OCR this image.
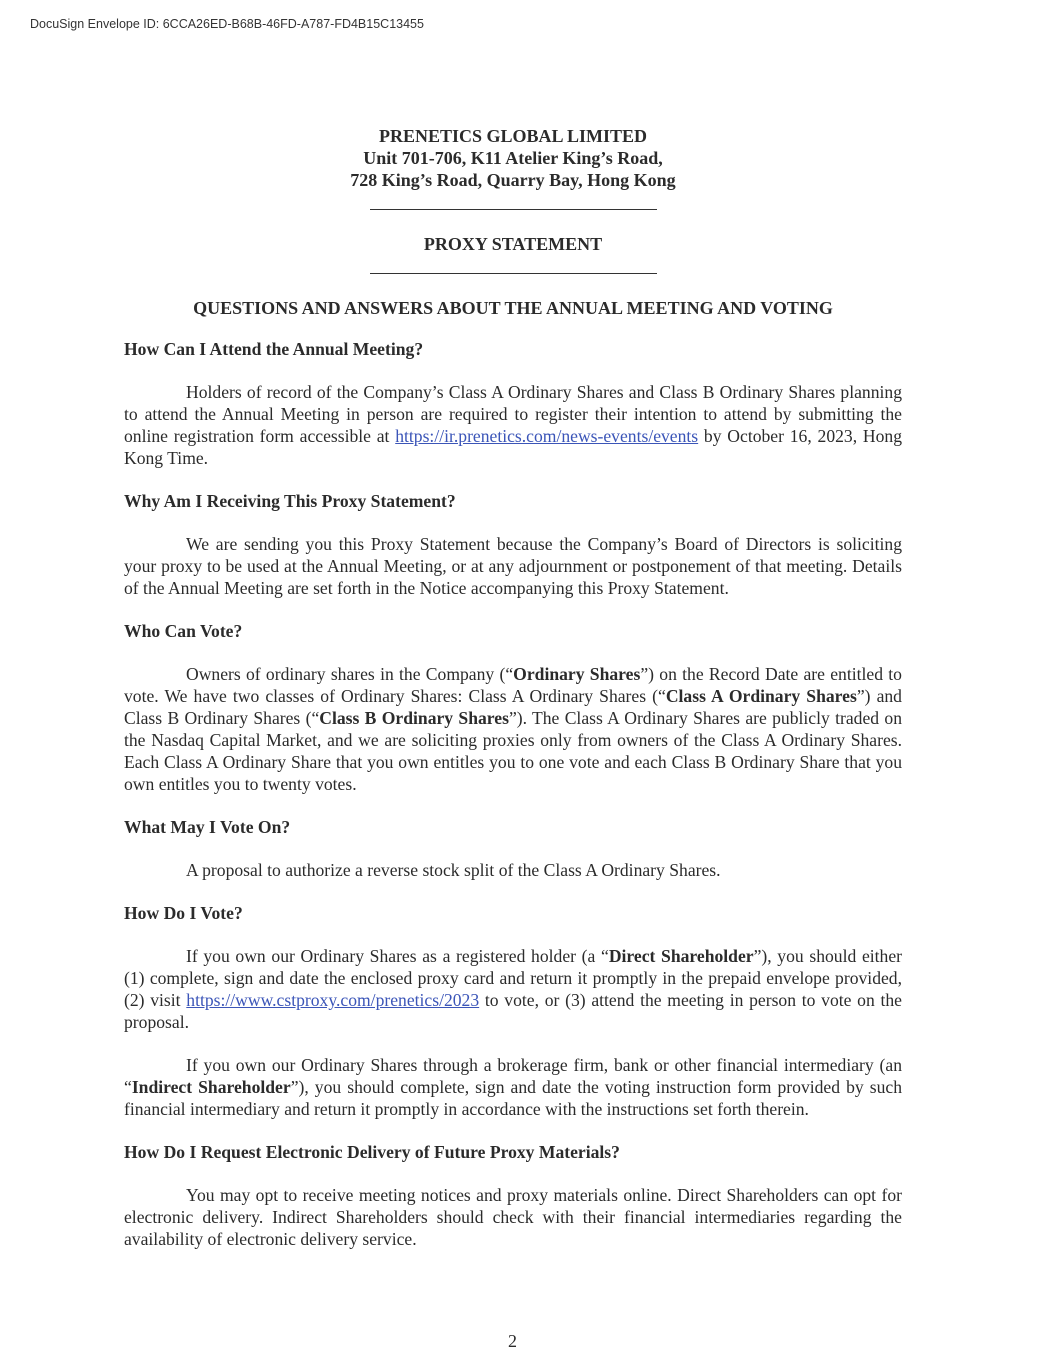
DocuSign Envelope ID: 6CCA26ED-B68B-46FD-A787-FD4B15C13455
PRENETICS GLOBAL LIMITED
Unit 701-706, K11 Atelier King’s Road,
728 King’s Road, Quarry Bay, Hong Kong
PROXY STATEMENT
QUESTIONS AND ANSWERS ABOUT THE ANNUAL MEETING AND VOTING
How Can I Attend the Annual Meeting?

Holders of record of the Company’s Class A Ordinary Shares and Class B Ordinary Shares planning to attend the Annual Meeting in person are required to register their intention to attend by submitting the online registration form accessible at https://ir.prenetics.com/news-events/events by October 16, 2023, Hong Kong Time.

Why Am I Receiving This Proxy Statement?

We are sending you this Proxy Statement because the Company’s Board of Directors is soliciting your proxy to be used at the Annual Meeting, or at any adjournment or postponement of that meeting. Details of the Annual Meeting are set forth in the Notice accompanying this Proxy Statement.

Who Can Vote?

Owners of ordinary shares in the Company (“Ordinary Shares”) on the Record Date are entitled to vote. We have two classes of Ordinary Shares: Class A Ordinary Shares (“Class A Ordinary Shares”) and Class B Ordinary Shares (“Class B Ordinary Shares”). The Class A Ordinary Shares are publicly traded on the Nasdaq Capital Market, and we are soliciting proxies only from owners of the Class A Ordinary Shares. Each Class A Ordinary Share that you own entitles you to one vote and each Class B Ordinary Share that you own entitles you to twenty votes.

What May I Vote On?

A proposal to authorize a reverse stock split of the Class A Ordinary Shares.

How Do I Vote?

If you own our Ordinary Shares as a registered holder (a “Direct Shareholder”), you should either (1) complete, sign and date the enclosed proxy card and return it promptly in the prepaid envelope provided, (2) visit https://www.cstproxy.com/prenetics/2023 to vote, or (3) attend the meeting in person to vote on the proposal.

If you own our Ordinary Shares through a brokerage firm, bank or other financial intermediary (an “Indirect Shareholder”), you should complete, sign and date the voting instruction form provided by such financial intermediary and return it promptly in accordance with the instructions set forth therein.

How Do I Request Electronic Delivery of Future Proxy Materials?

You may opt to receive meeting notices and proxy materials online. Direct Shareholders can opt for electronic delivery. Indirect Shareholders should check with their financial intermediaries regarding the availability of electronic delivery service.

2
